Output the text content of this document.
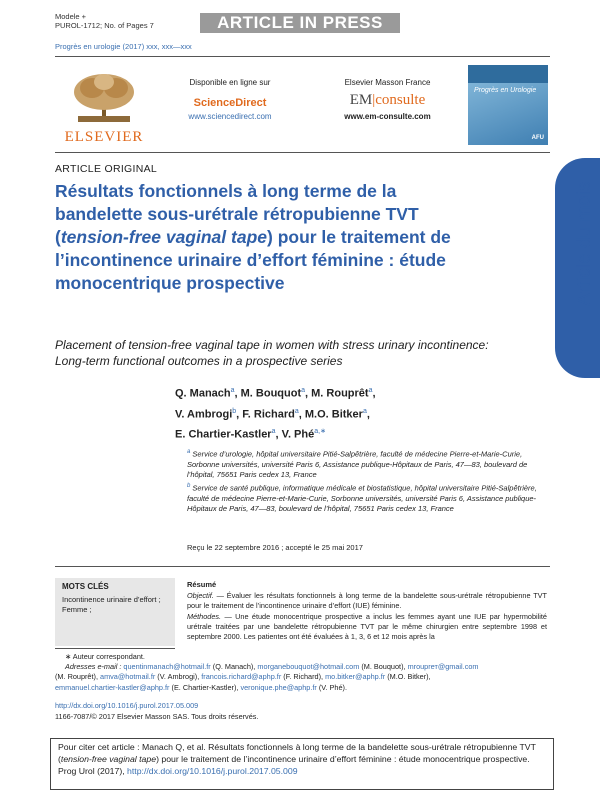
Modele +
PUROL-1712; No. of Pages 7	ARTICLE IN PRESS
Progrès en urologie (2017) xxx, xxx—xxx
ELSEVIER
Disponible en ligne sur
ScienceDirect
www.sciencedirect.com
Elsevier Masson France
EM|consulte
www.em-consulte.com
Progrès en Urologie
AFU
Article du mois
ARTICLE ORIGINAL
Résultats fonctionnels à long terme de la bandelette sous-urétrale rétropubienne TVT (tension-free vaginal tape) pour le traitement de l’incontinence urinaire d’effort féminine : étude monocentrique prospective
Placement of tension-free vaginal tape in women with stress urinary incontinence: Long-term functional outcomes in a prospective series
Q. Manach$^a$, M. Bouquot$^a$, M. Rouprêt$^a$,
V. Ambrogi$^b$, F. Richard$^a$, M.O. Bitker$^a$,
E. Chartier-Kastler$^a$, V. Phé$^{a,∗}$
$^a$ Service d’urologie, hôpital universitaire Pitié-Salpêtrière, faculté de médecine Pierre-et-Marie-Curie, Sorbonne universités, université Paris 6, Assistance publique-Hôpitaux de Paris, 47—83, boulevard de l’hôpital, 75651 Paris cedex 13, France
$^b$ Service de santé publique, informatique médicale et biostatistique, hôpital universitaire Pitié-Salpêtrière, faculté de médecine Pierre-et-Marie-Curie, Sorbonne universités, université Paris 6, Assistance publique-Hôpitaux de Paris, 47—83, boulevard de l’hôpital, 75651 Paris cedex 13, France
Reçu le 22 septembre 2016 ; accepté le 25 mai 2017
MOTS CLÉS
Incontinence urinaire d’effort ;
Femme ;
Résumé
Objectif. — Évaluer les résultats fonctionnels à long terme de la bandelette sous-urétrale rétropubienne TVT pour le traitement de l’incontinence urinaire d’effort (IUE) féminine.
Méthodes. — Une étude monocentrique prospective a inclus les femmes ayant une IUE par hypermobilité urétrale traitées par une bandelette rétropubienne TVT par le même chirurgien entre septembre 1998 et septembre 2000. Les patientes ont été évaluées à 1, 3, 6 et 12 mois après la
∗ Auteur correspondant.
Adresses e-mail : quentinmanach@hotmail.fr (Q. Manach), morganebouquot@hotmail.com (M. Bouquot), mrouprет@gmail.com
(M. Rouprêt), amva@hotmail.fr (V. Ambrogi), francois.richard@aphp.fr (F. Richard), mo.bitker@aphp.fr (M.O. Bitker),
emmanuel.chartier-kastler@aphp.fr (E. Chartier-Kastler), veronique.phe@aphp.fr (V. Phé).
http://dx.doi.org/10.1016/j.purol.2017.05.009
1166-7087/© 2017 Elsevier Masson SAS. Tous droits réservés.
Pour citer cet article : Manach Q, et al. Résultats fonctionnels à long terme de la bandelette sous-urétrale rétropubienne TVT (tension-free vaginal tape) pour le traitement de l’incontinence urinaire d’effort féminine : étude monocentrique prospective. Prog Urol (2017), http://dx.doi.org/10.1016/j.purol.2017.05.009
